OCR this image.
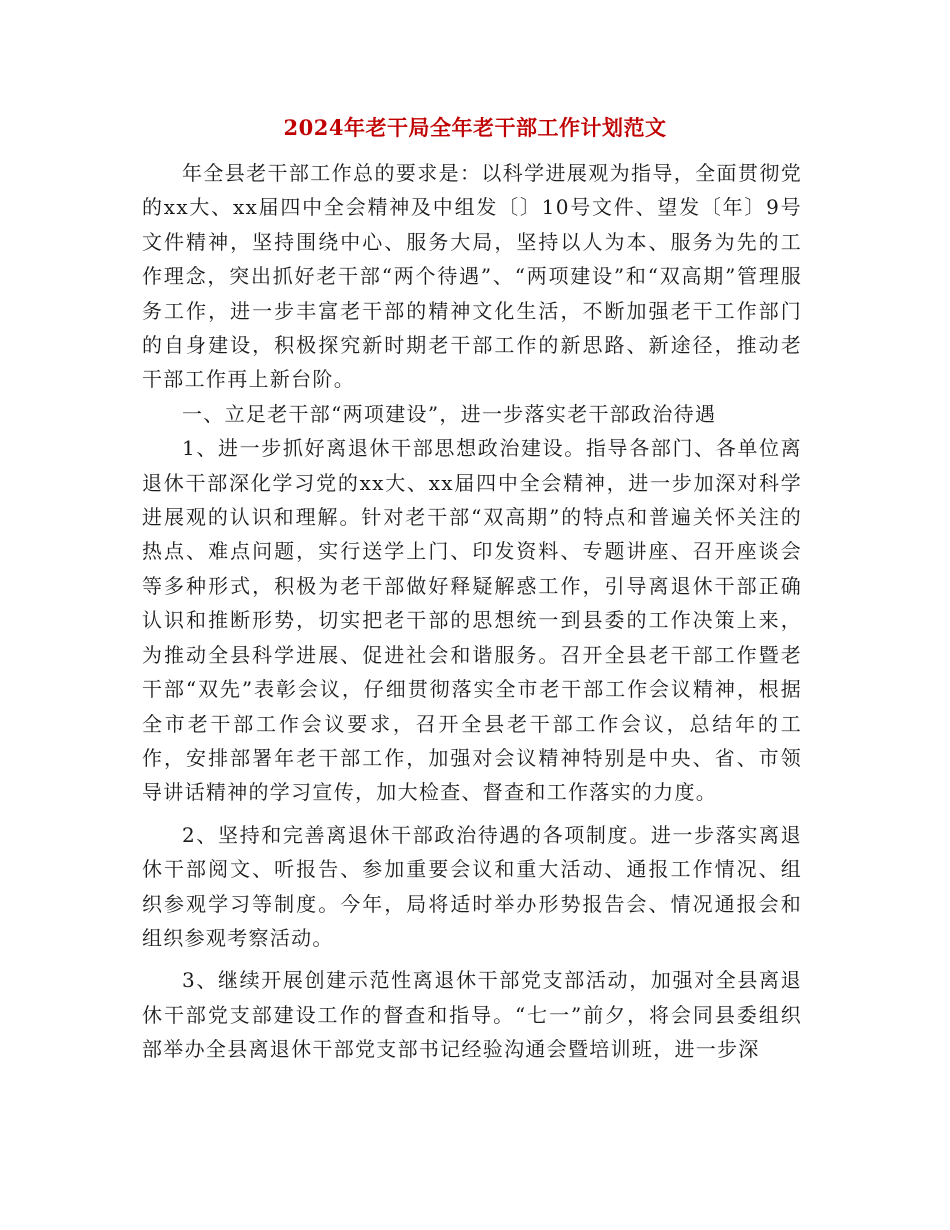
2024年老干局全年老干部工作计划范文

年全县老干部工作总的要求是：以科学进展观为指导，全面贯彻党的xx大、xx届四中全会精神及中组发〔〕10号文件、望发〔年〕9号文件精神，坚持围绕中心、服务大局，坚持以人为本、服务为先的工作理念，突出抓好老干部“两个待遇”、“两项建设”和“双高期”管理服务工作，进一步丰富老干部的精神文化生活，不断加强老干工作部门的自身建设，积极探究新时期老干部工作的新思路、新途径，推动老干部工作再上新台阶。

一、立足老干部“两项建设”，进一步落实老干部政治待遇

1、进一步抓好离退休干部思想政治建设。指导各部门、各单位离退休干部深化学习党的xx大、xx届四中全会精神，进一步加深对科学进展观的认识和理解。针对老干部“双高期”的特点和普遍关怀关注的热点、难点问题，实行送学上门、印发资料、专题讲座、召开座谈会等多种形式，积极为老干部做好释疑解惑工作，引导离退休干部正确认识和推断形势，切实把老干部的思想统一到县委的工作决策上来，为推动全县科学进展、促进社会和谐服务。召开全县老干部工作暨老干部“双先”表彰会议，仔细贯彻落实全市老干部工作会议精神，根据全市老干部工作会议要求，召开全县老干部工作会议，总结年的工作，安排部署年老干部工作，加强对会议精神特别是中央、省、市领导讲话精神的学习宣传，加大检查、督查和工作落实的力度。

2、坚持和完善离退休干部政治待遇的各项制度。进一步落实离退休干部阅文、听报告、参加重要会议和重大活动、通报工作情况、组织参观学习等制度。今年，局将适时举办形势报告会、情况通报会和组织参观考察活动。

3、继续开展创建示范性离退休干部党支部活动，加强对全县离退休干部党支部建设工作的督查和指导。“七一”前夕，将会同县委组织部举办全县离退休干部党支部书记经验沟通会暨培训班，进一步深
